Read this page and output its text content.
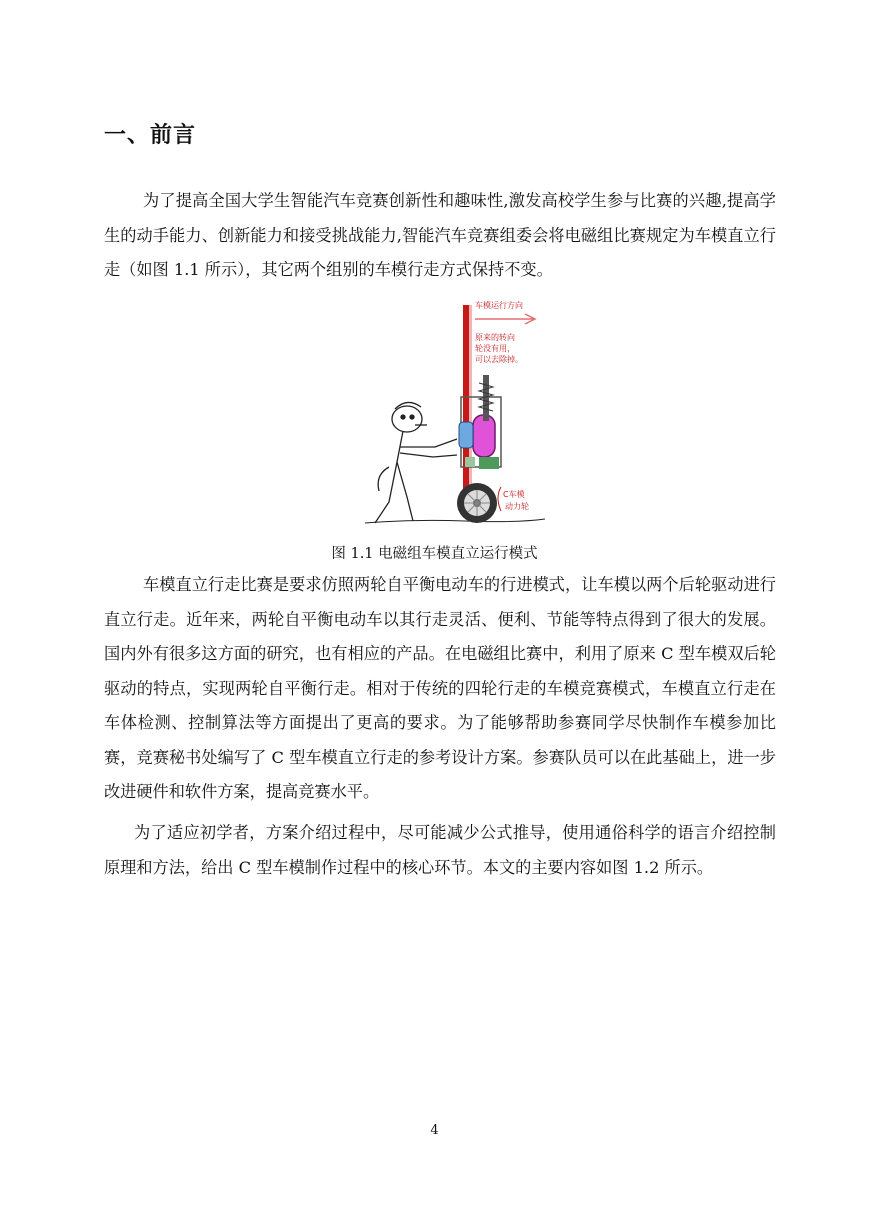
一、前言

为了提高全国大学生智能汽车竞赛创新性和趣味性,激发高校学生参与比赛的兴趣,提高学生的动手能力、创新能力和接受挑战能力,智能汽车竞赛组委会将电磁组比赛规定为车模直立行走（如图 1.1 所示），其它两个组别的车模行走方式保持不变。

车模运行方向
原来的转向
轮没有用，
可以去除掉。
C车模
动力轮

图 1.1 电磁组车模直立运行模式

车模直立行走比赛是要求仿照两轮自平衡电动车的行进模式，让车模以两个后轮驱动进行直立行走。近年来，两轮自平衡电动车以其行走灵活、便利、节能等特点得到了很大的发展。国内外有很多这方面的研究，也有相应的产品。在电磁组比赛中，利用了原来 C 型车模双后轮驱动的特点，实现两轮自平衡行走。相对于传统的四轮行走的车模竞赛模式，车模直立行走在车体检测、控制算法等方面提出了更高的要求。为了能够帮助参赛同学尽快制作车模参加比赛，竞赛秘书处编写了 C 型车模直立行走的参考设计方案。参赛队员可以在此基础上，进一步改进硬件和软件方案，提高竞赛水平。

为了适应初学者，方案介绍过程中，尽可能减少公式推导，使用通俗科学的语言介绍控制原理和方法，给出 C 型车模制作过程中的核心环节。本文的主要内容如图 1.2 所示。

4
